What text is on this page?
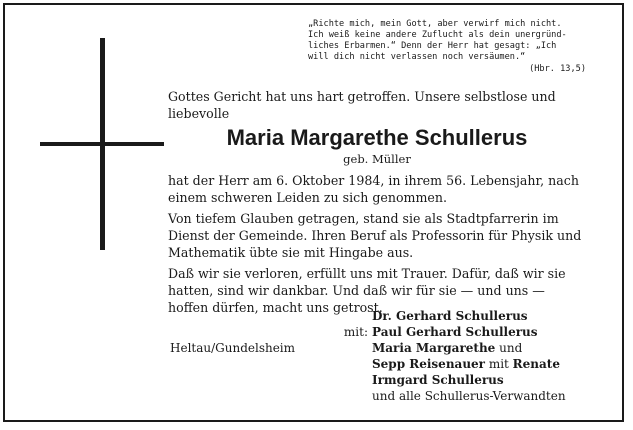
„Richte mich, mein Gott, aber verwirf mich nicht.
Ich weiß keine andere Zuflucht als dein unergründ-
liches Erbarmen.“ Denn der Herr hat gesagt: „Ich
will dich nicht verlassen noch versäumen.“
(Hbr. 13,5)
Gottes Gericht hat uns hart getroffen. Unsere selbstlose und liebevolle
Maria Margarethe Schullerus
geb. Müller

hat der Herr am 6. Oktober 1984, in ihrem 56. Lebensjahr, nach einem schweren Leiden zu sich genommen.

Von tiefem Glauben getragen, stand sie als Stadtpfarrerin im Dienst der Gemeinde. Ihren Beruf als Professorin für Physik und Mathematik übte sie mit Hingabe aus.

Daß wir sie verloren, erfüllt uns mit Trauer. Dafür, daß wir sie hatten, sind wir dankbar. Und daß wir für sie — und uns — hoffen dürfen, macht uns getrost.

Dr. Gerhard Schullerus
mit: Paul Gerhard Schullerus
Maria Margarethe und
Sepp Reisenauer mit Renate
Irmgard Schullerus
und alle Schullerus-Verwandten
Heltau/Gundelsheim
